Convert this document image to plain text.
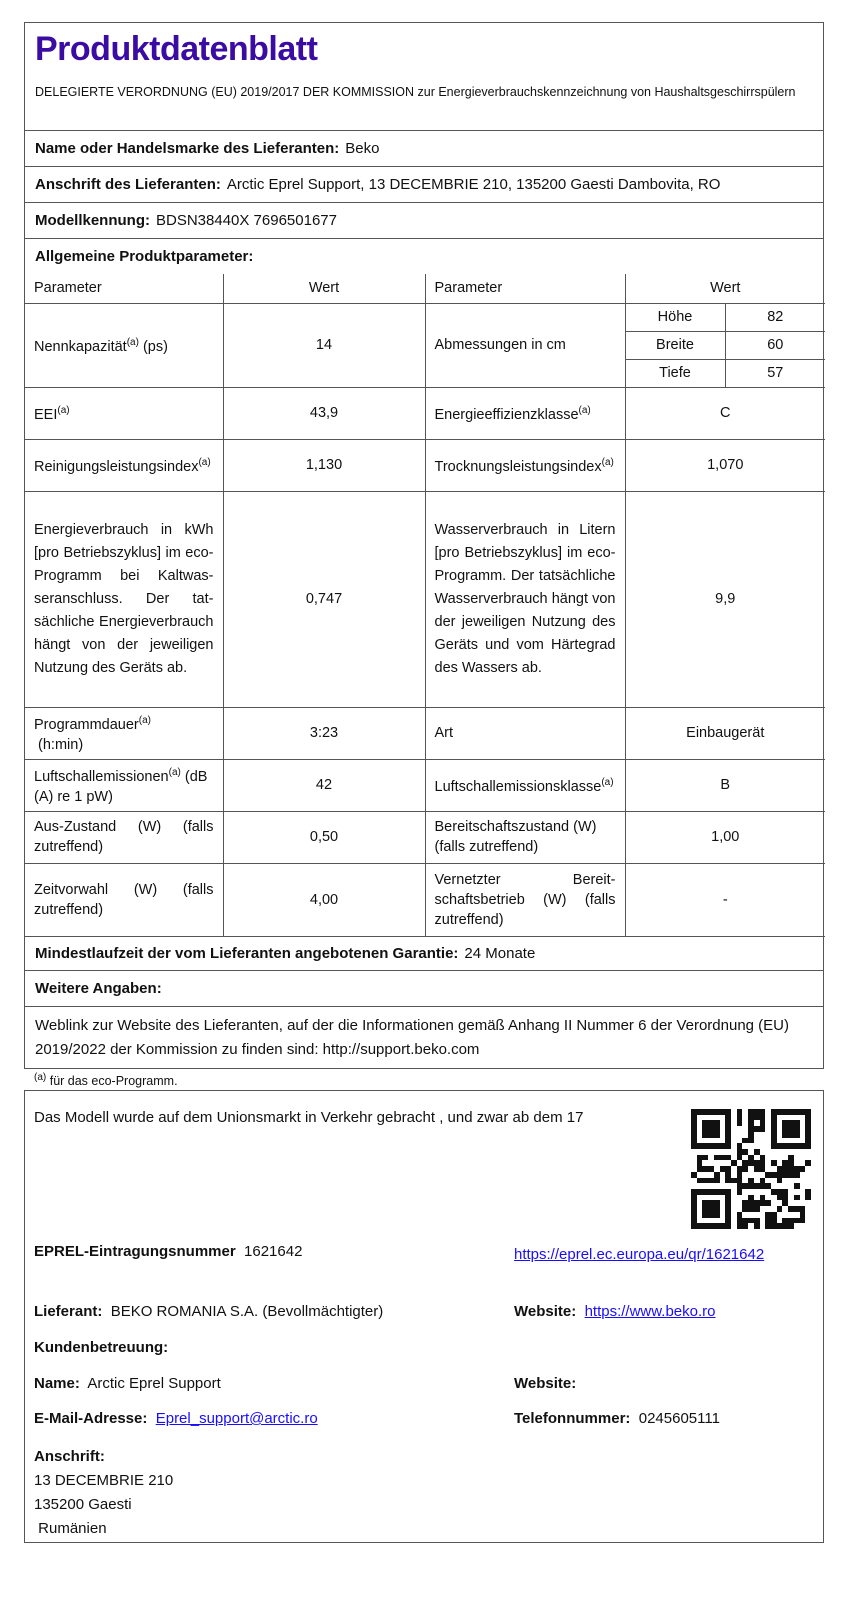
Produktdatenblatt

DELEGIERTE VERORDNUNG (EU) 2019/2017 DER KOMMISSION zur Energieverbrauchskennzeichnung von Haushaltsgeschirrspülern

Name oder Handelsmarke des Lieferanten: Beko
Anschrift des Lieferanten: Arctic Eprel Support, 13 DECEMBRIE 210, 135200 Gaesti Dambovita, RO
Modellkennung: BDSN38440X 7696501677
Allgemeine Produktparameter:
Parameter	Wert	Parameter	Wert	
Nennkapazität$^{(a)}$ (ps)	14	Abmessungen in cm	Höhe	82
			Breite	60
			Tiefe	57
EEI$^{(a)}$	43,9	Energieeffizienzklasse$^{(a)}$	C	
Reinigungsleistungsindex$^{(a)}$	1,130	Trocknungsleistungsindex$^{(a)}$	1,070	
Energieverbrauch in kWh [pro Betriebszyklus] im eco-Programm bei Kaltwasseranschluss. Der tatsächliche Energieverbrauch hängt von der jeweiligen Nutzung des Geräts ab.	0,747	Wasserverbrauch in Litern [pro Betriebszyklus] im eco-Programm. Der tatsächliche Wasserverbrauch hängt von der jeweiligen Nutzung des Geräts und vom Härtegrad des Wassers ab.	9,9	
Programmdauer$^{(a)}$
(h:min)	3:23	Art	Einbaugerät	
Luftschallemissionen$^{(a)}$ (dB (A) re 1 pW)	42	Luftschallemissionsklasse$^{(a)}$	B	
Aus-Zustand (W) (falls zutreffend)	0,50	Bereitschaftszustand (W) (falls zutreffend)	1,00	
Zeitvorwahl (W) (falls zutreffend)	4,00	Vernetzter Bereitschaftsbetrieb (W) (falls zutreffend)	-	
Mindestlaufzeit der vom Lieferanten angebotenen Garantie: 24 Monate
Weitere Angaben:
Weblink zur Website des Lieferanten, auf der die Informationen gemäß Anhang II Nummer 6 der Verordnung (EU) 2019/2022 der Kommission zu finden sind: http://support.beko.com
$^{(a)}$ für das eco-Programm.
Das Modell wurde auf dem Unionsmarkt in Verkehr gebracht , und zwar ab dem 17
EPREL-Eintragungsnummer 1621642	https://eprel.ec.europa.eu/qr/1621642
Lieferant: BEKO ROMANIA S.A. (Bevollmächtigter)	Website: https://www.beko.ro
Kundenbetreuung:
Name: Arctic Eprel Support	Website:
E-Mail-Adresse: Eprel_support@arctic.ro	Telefonnummer: 0245605111
Anschrift:
13 DECEMBRIE 210
135200 Gaesti
Rumänien
